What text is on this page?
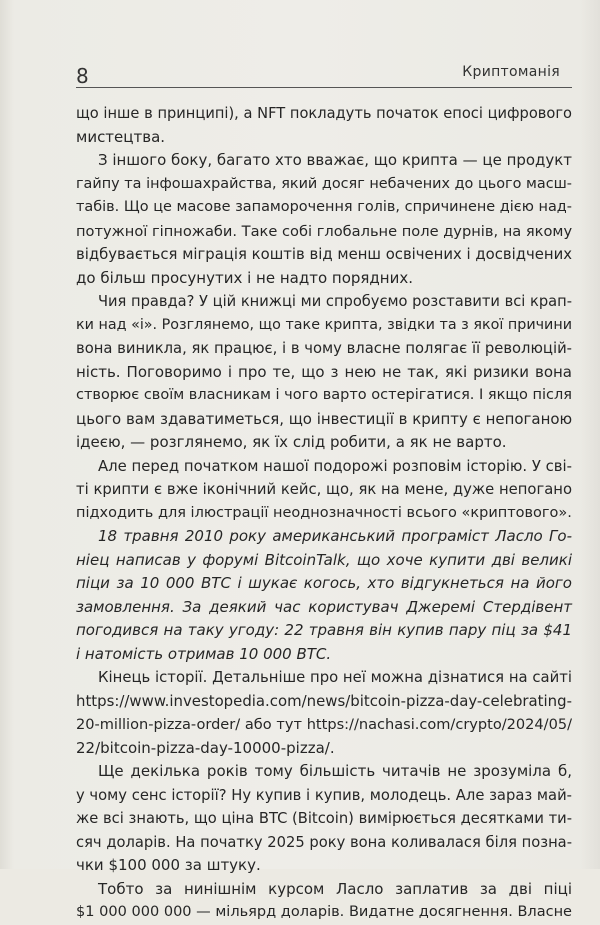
8	Криптоманія

що інше в принципі), а NFT покладуть початок епосі цифрового
мистецтва.

З іншого боку, багато хто вважає, що крипта — це продукт
гайпу та інфошахрайства, який досяг небачених до цього масш-
табів. Що це масове запаморочення голів, спричинене дією над-
потужної гіпножаби. Таке собі глобальне поле дурнів, на якому
відбувається міграція коштів від менш освічених і досвідчених
до більш просунутих і не надто порядних.

Чия правда? У цій книжці ми спробуємо розставити всі крап-
ки над «і». Розглянемо, що таке крипта, звідки та з якої причини
вона виникла, як працює, і в чому власне полягає її революцій-
ність. Поговоримо і про те, що з нею не так, які ризики вона
створює своїм власникам і чого варто остерігатися. І якщо після
цього вам здаватиметься, що інвестиції в крипту є непоганою
ідеєю, — розглянемо, як їх слід робити, а як не варто.

Але перед початком нашої подорожі розповім історію. У сві-
ті крипти є вже іконічний кейс, що, як на мене, дуже непогано
підходить для ілюстрації неоднозначності всього «криптового».

18 травня 2010 року американський програміст Ласло Го-
ніец написав у форумі BitcoinTalk, що хоче купити дві великі
піци за 10 000 BTC і шукає когось, хто відгукнеться на його
замовлення. За деякий час користувач Джеремі Стердівент
погодився на таку угоду: 22 травня він купив пару піц за $41
і натомість отримав 10 000 BTC.

Кінець історії. Детальніше про неї можна дізнатися на сайті
https://www.investopedia.com/news/bitcoin-pizza-day-celebrating-
20-million-pizza-order/ або тут https://nachasi.com/crypto/2024/05/
22/bitcoin-pizza-day-10000-pizza/.

Ще декілька років тому більшість читачів не зрозуміла б,
у чому сенс історії? Ну купив і купив, молодець. Але зараз май-
же всі знають, що ціна BTC (Bitcoin) вимірюється десятками ти-
сяч доларів. На початку 2025 року вона коливалася біля позна-
чки $100 000 за штуку.

Тобто за нинішнім курсом Ласло заплатив за дві піці
$1 000 000 000 — мільярд доларів. Видатне досягнення. Власне
